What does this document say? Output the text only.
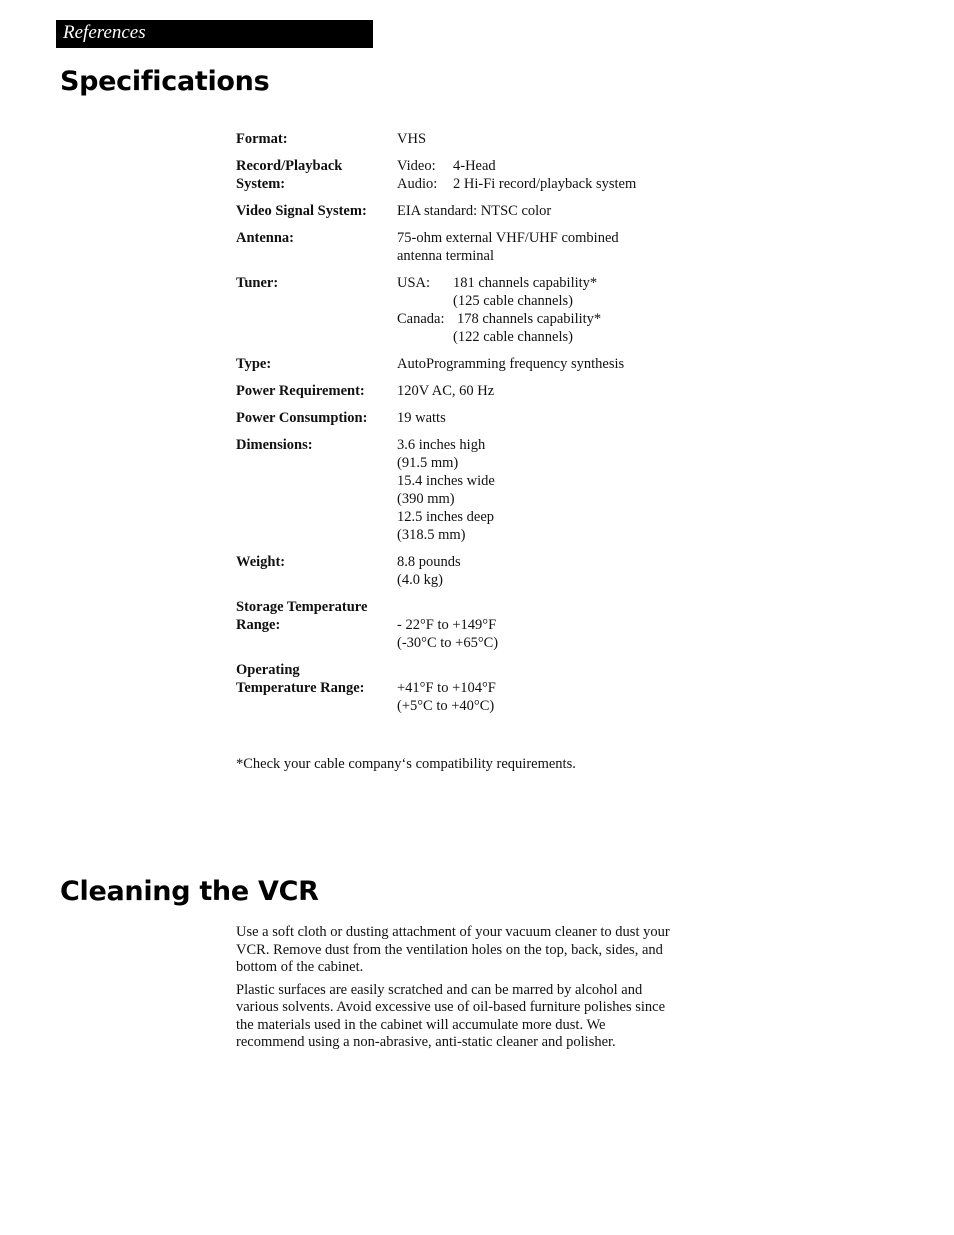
References
Specifications
Format:	VHS
Record/Playback
System:
Video:	4-Head
Audio:	2 Hi-Fi record/playback system
Video Signal System:	EIA standard: NTSC color
Antenna:	75-ohm external VHF/UHF combined
antenna terminal
Tuner:	USA:	181 channels capability*
(125 cable channels)
Canada: 178 channels capability*
(122 cable channels)
Type:	AutoProgramming frequency synthesis
Power Requirement:	120V AC, 60 Hz
Power Consumption:	19 watts
Dimensions:	3.6 inches high
(91.5 mm)
15.4 inches wide
(390 mm)
12.5 inches deep
(318.5 mm)
Weight:	8.8 pounds
(4.0 kg)
Storage Temperature
Range:
	- 22°F to +149°F
(-30°C to +65°C)
Operating
Temperature Range:
	+41°F to +104°F
(+5°C to +40°C)
*Check your cable company‘s compatibility requirements.
Cleaning the VCR

Use a soft cloth or dusting attachment of your vacuum cleaner to dust your VCR. Remove dust from the ventilation holes on the top, back, sides, and bottom of the cabinet.

Plastic surfaces are easily scratched and can be marred by alcohol and various solvents. Avoid excessive use of oil-based furniture polishes since the materials used in the cabinet will accumulate more dust. We recommend using a non-abrasive, anti-static cleaner and polisher.
